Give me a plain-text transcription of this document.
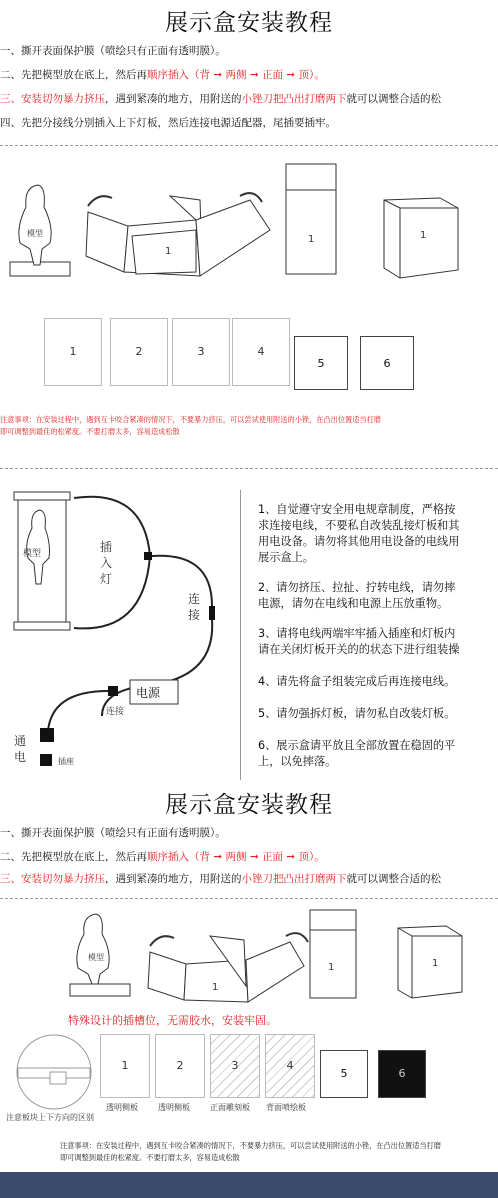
展示盒安装教程
一、撕开表面保护膜（喷绘只有正面有透明膜）。
二、先把模型放在底上，然后再顺序插入（背 ➞ 两侧 ➞ 正面 ➞ 顶）。
三、安装切勿暴力挤压，遇到紧凑的地方，用附送的小锉刀把凸出打磨两下就可以调整合适的松
四、先把分接线分别插入上下灯板，然后连接电源适配器，尾插要插牢。
模型
1
1	1
1	2	3	4
5	6
注意事项：在安装过程中，遇到互卡咬合紧凑的情况下，不要暴力挤压，可以尝试使用附送的小锉，在凸出位置适当打磨
即可调整到最佳的松紧度。不要打磨太多，容易造成松散
模型	插
入
灯
连
接
电源
连接
通
电	插座
1、自觉遵守安全用电规章制度，严格按
求连接电线，不要私自改装乱接灯板和其
用电设备。请勿将其他用电设备的电线用
展示盒上。
2、请勿挤压、拉扯、拧转电线，请勿摔
电源，请勿在电线和电源上压放重物。
3、请将电线两端牢牢插入插座和灯板内
请在关闭灯板开关的的状态下进行组装操
4、请先将盒子组装完成后再连接电线。
5、请勿强拆灯板，请勿私自改装灯板。
6、展示盒请平放且全部放置在稳固的平
上，以免摔落。
展示盒安装教程
一、撕开表面保护膜（喷绘只有正面有透明膜）。
二、先把模型放在底上，然后再顺序插入（背 ➞ 两侧 ➞ 正面 ➞ 顶）。
三、安装切勿暴力挤压，遇到紧凑的地方，用附送的小锉刀把凸出打磨两下就可以调整合适的松
模型
1
1	1
特殊设计的插槽位，无需胶水，安装牢固。
1	2	3	4
5	6
透明侧板	透明侧板	正面雕刻板 背面喷绘板
注意板块上下方向的区别
注意事项：在安装过程中，遇到互卡咬合紧凑的情况下，不要暴力挤压，可以尝试使用附送的小锉，在凸出位置适当打磨
即可调整到最佳的松紧度。不要打磨太多，容易造成松散
